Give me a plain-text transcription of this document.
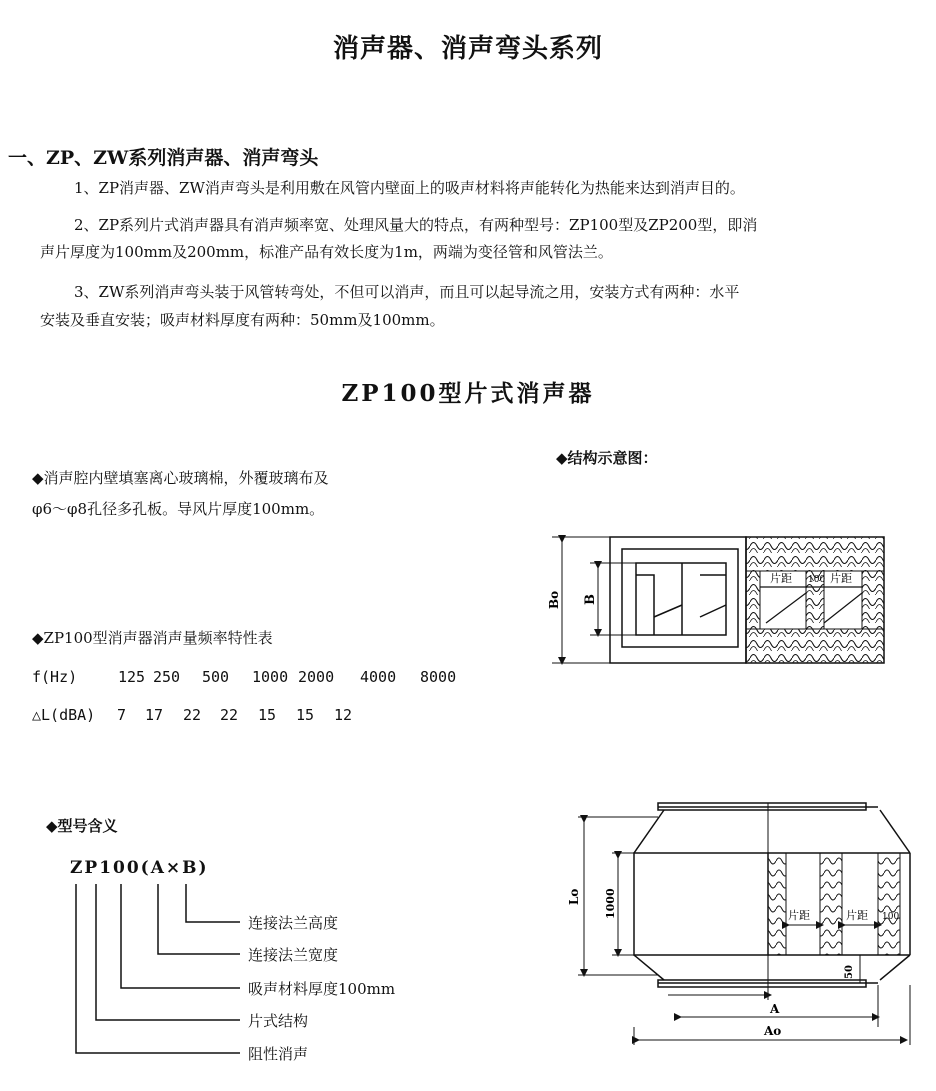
消声器、消声弯头系列
一、ZP、ZW系列消声器、消声弯头
1、ZP消声器、ZW消声弯头是利用敷在风管内壁面上的吸声材料将声能转化为热能来达到消声目的。
2、ZP系列片式消声器具有消声频率宽、处理风量大的特点，有两种型号：ZP100型及ZP200型，即消
声片厚度为100mm及200mm，标准产品有效长度为1m，两端为变径管和风管法兰。
3、ZW系列消声弯头装于风管转弯处，不但可以消声，而且可以起导流之用，安装方式有两种：水平
安装及垂直安装；吸声材料厚度有两种：50mm及100mm。
ZP100型片式消声器
◆消声腔内壁填塞离心玻璃棉，外覆玻璃布及
φ6～φ8孔径多孔板。导风片厚度100mm。
◆结构示意图：
◆ZP100型消声器消声量频率特性表
f(Hz)
△L(dBA)
125 250 500 1000 2000 4000 8000
7 17 22 22 15 15 12
◆型号含义
ZP100(A×B)
连接法兰高度
连接法兰宽度
吸声材料厚度100mm
片式结构
阻性消声
片距	片距
100
Bo B
片距	片距 100
50
Lo 1000
A
Ao
